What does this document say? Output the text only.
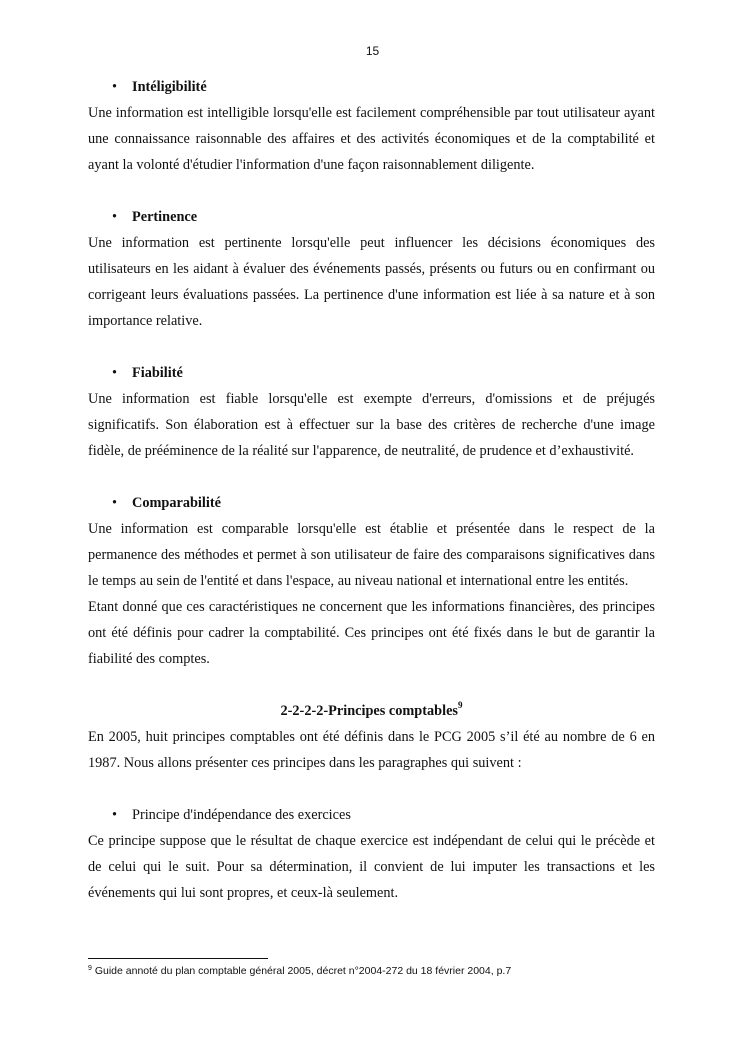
15

• Intéligibilité

Une information est intelligible lorsqu'elle est facilement compréhensible par tout utilisateur ayant une connaissance raisonnable des affaires et des activités économiques et de la comptabilité et ayant la volonté d'étudier l'information d'une façon raisonnablement diligente.

• Pertinence

Une information est pertinente lorsqu'elle peut influencer les décisions économiques des utilisateurs en les aidant à évaluer des événements passés, présents ou futurs ou en confirmant ou corrigeant leurs évaluations passées. La pertinence d'une information est liée à sa nature et à son importance relative.

• Fiabilité

Une information est fiable lorsqu'elle est exempte d'erreurs, d'omissions et de préjugés significatifs. Son élaboration est à effectuer sur la base des critères de recherche d'une image fidèle, de prééminence de la réalité sur l'apparence, de neutralité, de prudence et d’exhaustivité.

• Comparabilité

Une information est comparable lorsqu'elle est établie et présentée dans le respect de la permanence des méthodes et permet à son utilisateur de faire des comparaisons significatives dans le temps au sein de l'entité et dans l'espace, au niveau national et international entre les entités.

Etant donné que ces caractéristiques ne concernent que les informations financières, des principes ont été définis pour cadrer la comptabilité. Ces principes ont été fixés dans le but de garantir la fiabilité des comptes.

2-2-2-2-Principes comptables$^9$

En 2005, huit principes comptables ont été définis dans le PCG 2005 s’il été au nombre de 6 en 1987. Nous allons présenter ces principes dans les paragraphes qui suivent :

• Principe d'indépendance des exercices

Ce principe suppose que le résultat de chaque exercice est indépendant de celui qui le précède et de celui qui le suit. Pour sa détermination, il convient de lui imputer les transactions et les événements qui lui sont propres, et ceux-là seulement.

$^9$ Guide annoté du plan comptable général 2005, décret n°2004-272 du 18 février 2004, p.7
